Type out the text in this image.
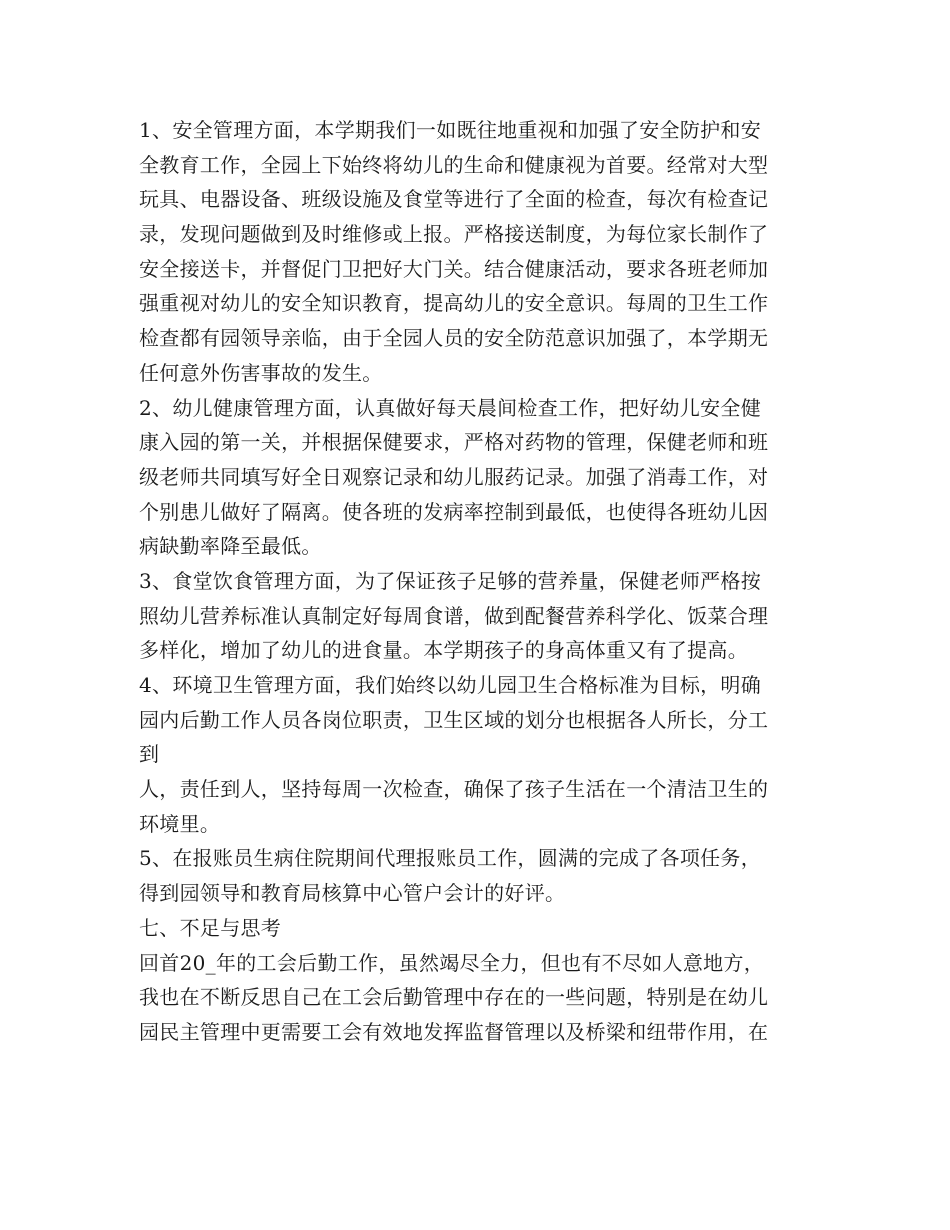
1、安全管理方面，本学期我们一如既往地重视和加强了安全防护和安
全教育工作，全园上下始终将幼儿的生命和健康视为首要。经常对大型
玩具、电器设备、班级设施及食堂等进行了全面的检查，每次有检查记
录，发现问题做到及时维修或上报。严格接送制度，为每位家长制作了
安全接送卡，并督促门卫把好大门关。结合健康活动，要求各班老师加
强重视对幼儿的安全知识教育，提高幼儿的安全意识。每周的卫生工作
检查都有园领导亲临，由于全园人员的安全防范意识加强了，本学期无
任何意外伤害事故的发生。
2、幼儿健康管理方面，认真做好每天晨间检查工作，把好幼儿安全健
康入园的第一关，并根据保健要求，严格对药物的管理，保健老师和班
级老师共同填写好全日观察记录和幼儿服药记录。加强了消毒工作，对
个别患儿做好了隔离。使各班的发病率控制到最低，也使得各班幼儿因
病缺勤率降至最低。
3、食堂饮食管理方面，为了保证孩子足够的营养量，保健老师严格按
照幼儿营养标准认真制定好每周食谱，做到配餐营养科学化、饭菜合理
多样化，增加了幼儿的进食量。本学期孩子的身高体重又有了提高。
4、环境卫生管理方面，我们始终以幼儿园卫生合格标准为目标，明确
园内后勤工作人员各岗位职责，卫生区域的划分也根据各人所长，分工
到
人，责任到人，坚持每周一次检查，确保了孩子生活在一个清洁卫生的
环境里。
5、在报账员生病住院期间代理报账员工作，圆满的完成了各项任务，
得到园领导和教育局核算中心管户会计的好评。
七、不足与思考
回首20_年的工会后勤工作，虽然竭尽全力，但也有不尽如人意地方，
我也在不断反思自己在工会后勤管理中存在的一些问题，特别是在幼儿
园民主管理中更需要工会有效地发挥监督管理以及桥梁和纽带作用，在
